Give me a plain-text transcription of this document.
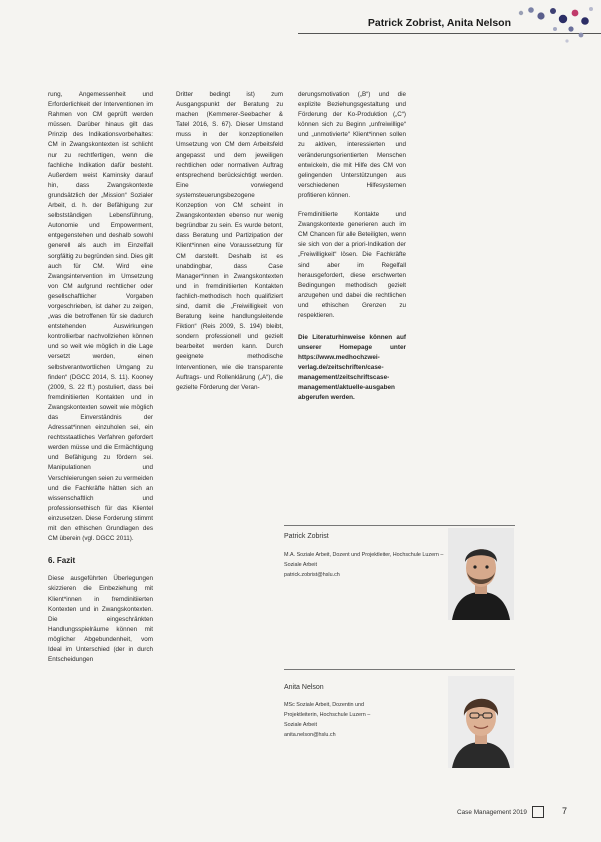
Patrick Zobrist, Anita Nelson

rung, Angemessenheit und Erforderlichkeit der Interventionen im Rahmen von CM geprüft werden müssen. Darüber hinaus gilt das Prinzip des Indikationsvorbehaltes: CM in Zwangskontexten ist schlicht nur zu rechtfertigen, wenn die fachliche Indikation dafür besteht. Außerdem weist Kaminsky darauf hin, dass Zwangskontexte grundsätzlich der „Mission“ Sozialer Arbeit, d. h. der Befähigung zur selbstständigen Lebensführung, Autonomie und Empowerment, entgegenstehen und deshalb sowohl generell als auch im Einzelfall sorgfältig zu begründen sind. Dies gilt auch für CM. Wird eine Zwangsintervention im Umsetzung von CM aufgrund rechtlicher oder gesellschaftlicher Vorgaben vorgeschrieben, ist daher zu zeigen, „was die betroffenen für sie dadurch entstehenden Auswirkungen kontrollierbar nachvollziehen können und so weit wie möglich in die Lage versetzt werden, einen selbstverantwortlichen Umgang zu finden“ (DGCC 2014, S. 11). Kooney (2009, S. 22 ff.) postuliert, dass bei fremdinitiierten Kontakten und in Zwangskontexten soweit wie möglich das Einverständnis der Adressat*innen einzuholen sei, ein rechtsstaatliches Verfahren gefordert werden müsse und die Ermächtigung und Befähigung zu fördern sei. Manipulationen und Verschleierungen seien zu vermeiden und die Fachkräfte hätten sich an wissenschaftlich und professionsethisch für das Klientel einzusetzen. Diese Forderung stimmt mit den ethischen Grundlagen des CM überein (vgl. DGCC 2011).

6. Fazit

Diese ausgeführten Überlegungen skizzieren die Einbeziehung mit Klient*innen in fremdinitiierten Kontexten und in Zwangskontexten. Die eingeschränkten Handlungsspielräume können mit möglicher Abgebundenheit, vom Ideal im Unterschied (der in durch Entscheidungen

Dritter bedingt ist) zum Ausgangspunkt der Beratung zu machen (Kemmerer-Seebacher & Tatel 2016, S. 67). Dieser Umstand muss in der konzeptionellen Umsetzung von CM dem Arbeitsfeld angepasst und dem jeweiligen rechtlichen oder normativen Auftrag entsprechend berücksichtigt werden. Eine vorwiegend systemsteuerungsbezogene Konzeption von CM scheint in Zwangskontexten ebenso nur wenig begründbar zu sein. Es wurde betont, dass Beratung und Partizipation der Klient*innen eine Voraussetzung für CM darstellt. Deshalb ist es unabdingbar, dass Case Manager*innen in Zwangskontexten und in fremdinitiierten Kontakten fachlich-methodisch hoch qualifiziert sind, damit die „Freiwilligkeit von Beratung keine handlungsleitende Fiktion“ (Reis 2009, S. 194) bleibt, sondern professionell und gezielt bearbeitet werden kann. Durch geeignete methodische Interventionen, wie die transparente Auftrags- und Rollenklärung („A“), die gezielte Förderung der Veran-

derungsmotivation („B“) und die explizite Beziehungsgestaltung und Förderung der Ko-Produktion („C“) können sich zu Beginn „unfreiwillige“ und „unmotivierte“ Klient*innen sollen zu aktiven, interessierten und veränderungsorientierten Menschen entwickeln, die mit Hilfe des CM von gelingenden Unterstützungen aus verschiedenen Hilfesystemen profitieren können.

Fremdinitiierte Kontakte und Zwangskontexte generieren auch im CM Chancen für alle Beteiligten, wenn sie sich von der a priori-Indikation der „Freiwilligkeit“ lösen. Die Fachkräfte sind aber im Regelfall herausgefordert, diese erschwerten Bedingungen methodisch gezielt anzugehen und dabei die rechtlichen und ethischen Grenzen zu respektieren.

Die Literaturhinweise können auf unserer Homepage unter https://www.medhochzwei-verlag.de/zeitschriften/case-management/zeitschriftscase-management/aktuelle-ausgaben abgerufen werden.
Patrick Zobrist
M.A. Soziale Arbeit, Dozent und Projektleiter, Hochschule Luzern –
Soziale Arbeit
patrick.zobrist@hslu.ch
Anita Nelson
MSc Soziale Arbeit, Dozentin und
Projektleiterin, Hochschule Luzern –
Soziale Arbeit
anita.nelson@hslu.ch
Case Management 2019	7
